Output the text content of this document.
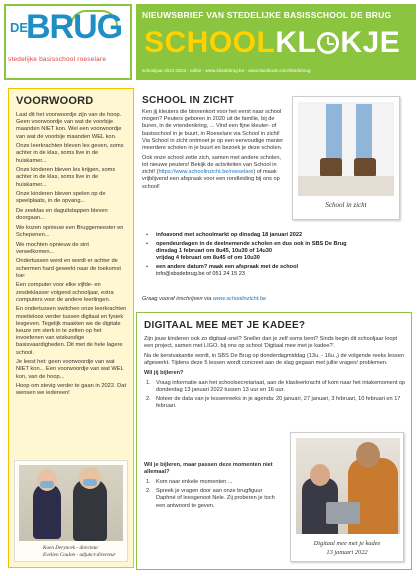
DE
BRUG
stedelijke basisschool roeselare
NIEUWSBRIEF VAN STEDELIJKE BASISSCHOOL DE BRUG
SCHOOLKL KJE
schooljaar 2021-2022 - editie - www.sbsdebrug.be - www.facebook.com/sbsdebrug
VOORWOORD

Laat dit het voorwoordje zijn van de hoop. Geen voorwoordje van wat de voorbije maanden NIET kon. Wel een voorwoordje van wat de voorbije maanden WEL kon.

Onze leerkrachten bleven les geven, soms achter in de klas, soms live in de huiskamer...

Onze kinderen bleven les krijgen, soms achter in de klas, soms live in de huiskamer...

Onze kinderen bleven spelen op de speelplaats, in de opvang...

De zeeklas en daguitstappen bleven doorgaan...

We kozen opnieuw een Bruggemeester en Schepenen...

We mochten opnieuw de sint verwelkomen...

Ondertussen werd en wordt er achter de schermen hard gewerkt naar de toekomst toe:

Een computer voor elke vijfde- en zesdeklasser volgend schooljaar, extra computers voor de andere leerlingen.

En ondertussen switchen onze leerkrachten moeiteloos verder tussen digitaal en fysiek lesgeven. Tegelijk maakten we de digitale keuze om sterk in te zetten op het invoefenen van wiskundige basisvaardigheden. Dit met de hele lagere school.

Je leest het: geen voorwoordje van wat NIET kon... Een voorwoordje van wat WEL kon, van de hoop...

Hoop om stevig verder te gaan in 2022. Dat wensen we iedereen!

Koen Deryncek - directeur
Evelien Coulon - adjunct-directeur
SCHOOL IN ZICHT

Ken jij kleuters die binnenkort voor het eerst naar school mogen? Peuters geboren in 2020 uit de familie, bij de buren, in de vriendenkring, ... Vind een fijne kleuter- of basisschool in je buurt, in Roeselare via School in zicht! Via School in zicht ontmoet je op een eenvoudige manier meerdere scholen in je buurt en bezoek je deze scholen.

Ook onze school zette zich, samen met andere scholen, tot nieuwe peuters! Bekijk de activiteiten van School in zicht! (https://www.schoolinzicht.be/roeselare) of maak vrijblijvend een afspraak voor een rondleiding bij ons op school!

School in zicht
• infoavond met schoolmarkt op dinsdag 18 januari 2022
• opendeurdagen in de deelnemende scholen en dus ook in SBS De Brug
dinsdag 1 februari om 8u45, 10u30 of 14u30
vrijdag 4 februari om 8u45 of om 10u30
• een andere datum? maak een afspraak met de school
info@sbsdebrug.be of 051 24 15 23
Graag vooraf inschrijven via www.schoolinzicht.be
DIGITAAL MEE MET JE KADEE?

Zijn jouw kinderen ook zo digitaal-snel? Sneller dan je zelf soms bent? Sinds begin dit schooljaar loopt een project, samen met LIGO, bij ons op school 'Digitaal mee met je kadee?'.

Na de kerstvakantie wordt, in SBS De Brug op donderdagmiddag (13u. - 16u.,) de volgende reeks lessen afgewerkt. Tijdens deze 5 lessen wordt concreet aan de slag gegaan met jullie vragen/ problemen.

Wil jij bijleren?

1. Vraag informatie aan het schoolsecretariaat, aan de klasleerkracht of kom naar het intakemoment op donderdag 13 januari 2022 tussen 13 uur en 16 uur.
2. Noteer de data van je lessenreeks in je agenda: 20 januari, 27 januari, 3 februari, 10 februari en 17 februari.

Wil je bijleren, maar passen deze momenten niet allemaal?

1. Kom naar enkele momenten ...
2. Spreek je vragen door aan onze brugfiguur Daphné of leesgenoot Nele. Zij proberen je toch een antwoord te geven.
Digitaal mee met je kadee
13 januari 2022
